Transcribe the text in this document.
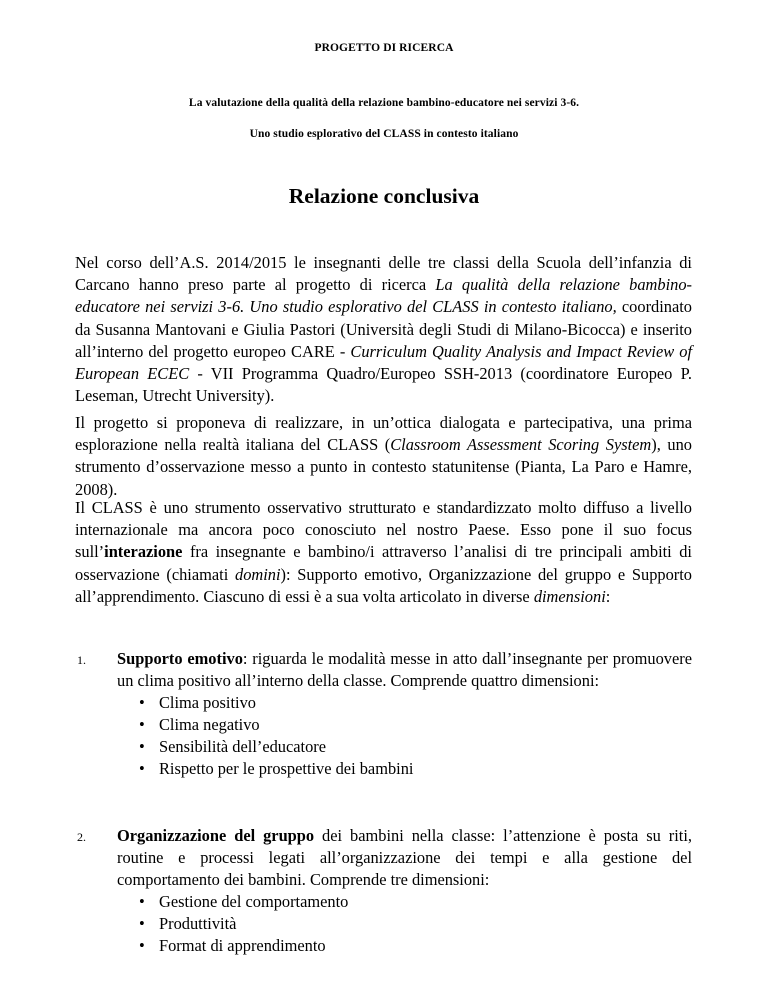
PROGETTO DI RICERCA
La valutazione della qualità della relazione bambino-educatore nei servizi 3-6.
Uno studio esplorativo del CLASS in contesto italiano
Relazione conclusiva

Nel corso dell’A.S. 2014/2015 le insegnanti delle tre classi della Scuola dell’infanzia di Carcano hanno preso parte al progetto di ricerca La qualità della relazione bambino-educatore nei servizi 3-6. Uno studio esplorativo del CLASS in contesto italiano, coordinato da Susanna Mantovani e Giulia Pastori (Università degli Studi di Milano-Bicocca) e inserito all’interno del progetto europeo CARE - Curriculum Quality Analysis and Impact Review of European ECEC - VII Programma Quadro/Europeo SSH-2013 (coordinatore Europeo P. Leseman, Utrecht University).

Il progetto si proponeva di realizzare, in un’ottica dialogata e partecipativa, una prima esplorazione nella realtà italiana del CLASS (Classroom Assessment Scoring System), uno strumento d’osservazione messo a punto in contesto statunitense (Pianta, La Paro e Hamre, 2008).

Il CLASS è uno strumento osservativo strutturato e standardizzato molto diffuso a livello internazionale ma ancora poco conosciuto nel nostro Paese. Esso pone il suo focus sull’interazione fra insegnante e bambino/i attraverso l’analisi di tre principali ambiti di osservazione (chiamati domini): Supporto emotivo, Organizzazione del gruppo e Supporto all’apprendimento. Ciascuno di essi è a sua volta articolato in diverse dimensioni:

1.	Supporto emotivo: riguarda le modalità messe in atto dall’insegnante per promuovere un clima positivo all’interno della classe. Comprende quattro dimensioni:
• Clima positivo
• Clima negativo
• Sensibilità dell’educatore
• Rispetto per le prospettive dei bambini
2.	Organizzazione del gruppo dei bambini nella classe: l’attenzione è posta su riti, routine e processi legati all’organizzazione dei tempi e alla gestione del comportamento dei bambini. Comprende tre dimensioni:
• Gestione del comportamento
• Produttività
• Format di apprendimento
